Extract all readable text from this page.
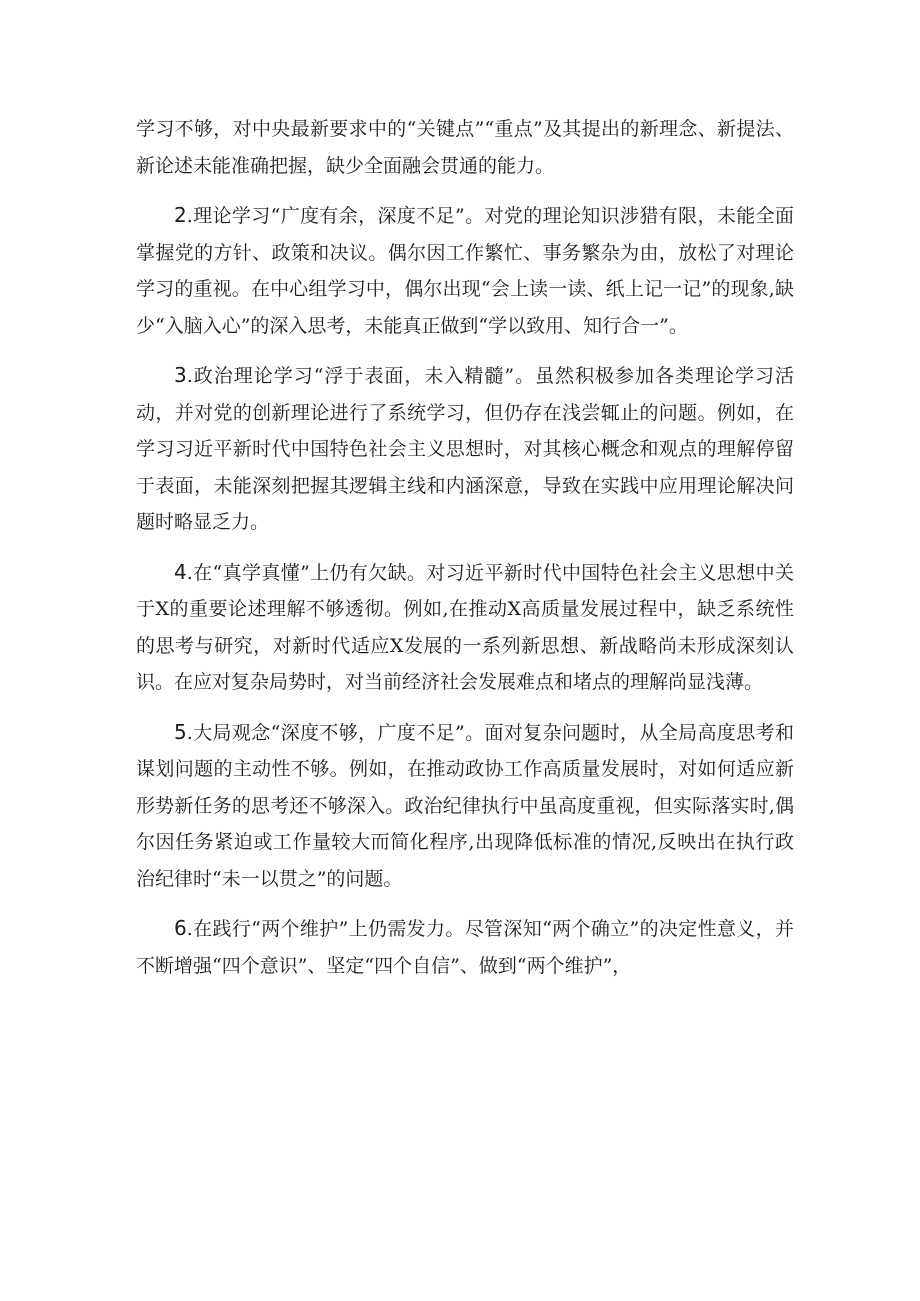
学习不够，对中央最新要求中的“关键点”“重点”及其提出的新理念、新提法、新论述未能准确把握，缺少全面融会贯通的能力。

2.理论学习“广度有余，深度不足”。对党的理论知识涉猎有限，未能全面掌握党的方针、政策和决议。偶尔因工作繁忙、事务繁杂为由，放松了对理论学习的重视。在中心组学习中，偶尔出现“会上读一读、纸上记一记”的现象,缺少“入脑入心”的深入思考，未能真正做到“学以致用、知行合一”。

3.政治理论学习“浮于表面，未入精髓”。虽然积极参加各类理论学习活动，并对党的创新理论进行了系统学习，但仍存在浅尝辄止的问题。例如，在学习习近平新时代中国特色社会主义思想时，对其核心概念和观点的理解停留于表面，未能深刻把握其逻辑主线和内涵深意，导致在实践中应用理论解决问题时略显乏力。

4.在“真学真懂”上仍有欠缺。对习近平新时代中国特色社会主义思想中关于X的重要论述理解不够透彻。例如,在推动X高质量发展过程中，缺乏系统性的思考与研究，对新时代适应X发展的一系列新思想、新战略尚未形成深刻认识。在应对复杂局势时，对当前经济社会发展难点和堵点的理解尚显浅薄。

5.大局观念“深度不够，广度不足”。面对复杂问题时，从全局高度思考和谋划问题的主动性不够。例如，在推动政协工作高质量发展时，对如何适应新形势新任务的思考还不够深入。政治纪律执行中虽高度重视，但实际落实时,偶尔因任务紧迫或工作量较大而简化程序,出现降低标准的情况,反映出在执行政治纪律时“未一以贯之”的问题。

6.在践行“两个维护”上仍需发力。尽管深知“两个确立”的决定性意义，并不断增强“四个意识”、坚定“四个自信”、做到“两个维护”，
